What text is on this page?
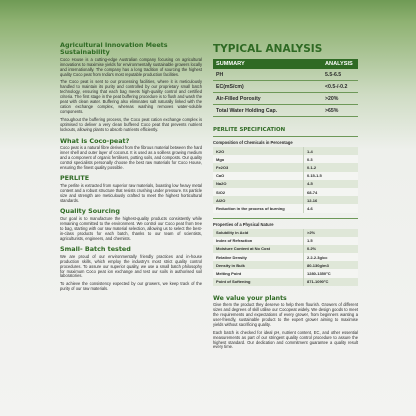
Agricultural Innovation Meets Sustainability

Coco House is a cutting-edge Australian company focusing on agricultural innovations to maximise yields for environmentally sustainable growers locally and internationally. The company has a long tradition of sourcing the highest quality Coco peat from India's most reputable production facilities.

The Coco peat is sent to our processing facilities, where it is meticulously handled to maintain its purity and controlled by our proprietary small batch technology, ensuring that each bag meets high-quality control and certified criteria. The first stage in the peat buffering procedure is to flush and wash the peat with clean water. Buffering also eliminates salt naturally linked with the cation exchange complex, whereas washing removes water-soluble components.

Throughout the buffering process, the Coco peat cation exchange complex is optimised to deliver a very clean buffered Coco peat that prevents nutrient lockouts, allowing plants to absorb nutrients efficiently.

What is Coco-peat?

Coco peat is a natural fibre derived from the fibrous material between the hard inner shell and outer layer of coconut. It is used as a soilless growing medium and a component of organic fertilisers, potting soils, and composts. Our quality control specialists personally choose the best raw materials for Coco House, ensuring the finest quality possible.

PERLITE

The perlite is extracted from superior raw materials, boasting low heavy metal content and a robust structure that resists crushing under pressure. Its particle size and strength are meticulously crafted to meet the highest horticultural standards.

Quality Sourcing

Our goal is to manufacture the highest-quality products consistently while remaining committed to the environment. We control our Coco peat from tree to bag, starting with our raw material selection, allowing us to select the best-in-class products for each batch, thanks to our team of scientists, agriculturists, engineers, and chemists.

Small- Batch tested

We are proud of our environmentally friendly practices and in-house production skills, which employ the industry's most strict quality control procedures. To assure our superior quality, we use a small batch philosophy for maximum Coco peat ion exchange and test our soils in authorised soil laboratories.

To achieve the consistency expected by our growers, we keep track of the purity of our raw materials.

TYPICAL ANALYSIS
SUMMARY	ANALYSIS
PH	5.5-6.5
EC(mS/cm)	<0.5-/-0.2
Air-Filled Porosity	>20%
Total Water Holding Cap.	>65%
PERLITE SPECIFICATION
Composition of Chemicals in Percentage
K2O	1-4
Mgo	0.3
Fe2O3	0.1-2
CaO	0.15-1.5
Na2O	4-5
SiO2	68-74
Al2O	12-16
Reduction in the process of burning	4-6
Properties of a Physical Nature
Solubility in Acid	>2%
Index of Refraction	1.5
Moisture Content at No Cost	0.2%
Relative Density	2.2-2.3g/cc
Density in Bulk	80-130g/m3
Melting Point	1280-1350°C
Point of Softening	871-1090°C
We value your plants

Give them the product they deserve to help them flourish. Growers of different sizes and degrees of skill utilise our Cocopeat widely. We design goods to meet the requirements and expectations of every grower, from beginners wanting a user-friendly, sustainable product to the expert grower aiming to maximise yields without sacrificing quality.

Each batch is checked for ideal pH, nutrient content, EC, and other essential measurements as part of our stringent quality control procedure to assure the highest standard. Our dedication and commitment guarantee a quality result every time.
